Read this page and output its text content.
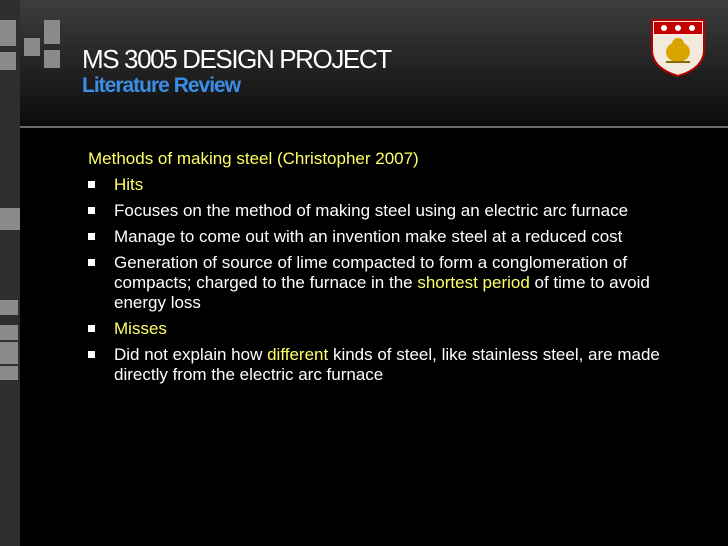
MS 3005 DESIGN PROJECT
Literature Review
Methods of making steel (Christopher 2007)
Hits
Focuses on the method of making steel using an electric arc furnace
Manage to come out with an invention make steel at a reduced cost
Generation of source of lime compacted to form a conglomeration of compacts; charged to the furnace in the shortest period of time to avoid energy loss
Misses
Did not explain how different kinds of steel, like stainless steel, are made directly from the electric arc furnace
